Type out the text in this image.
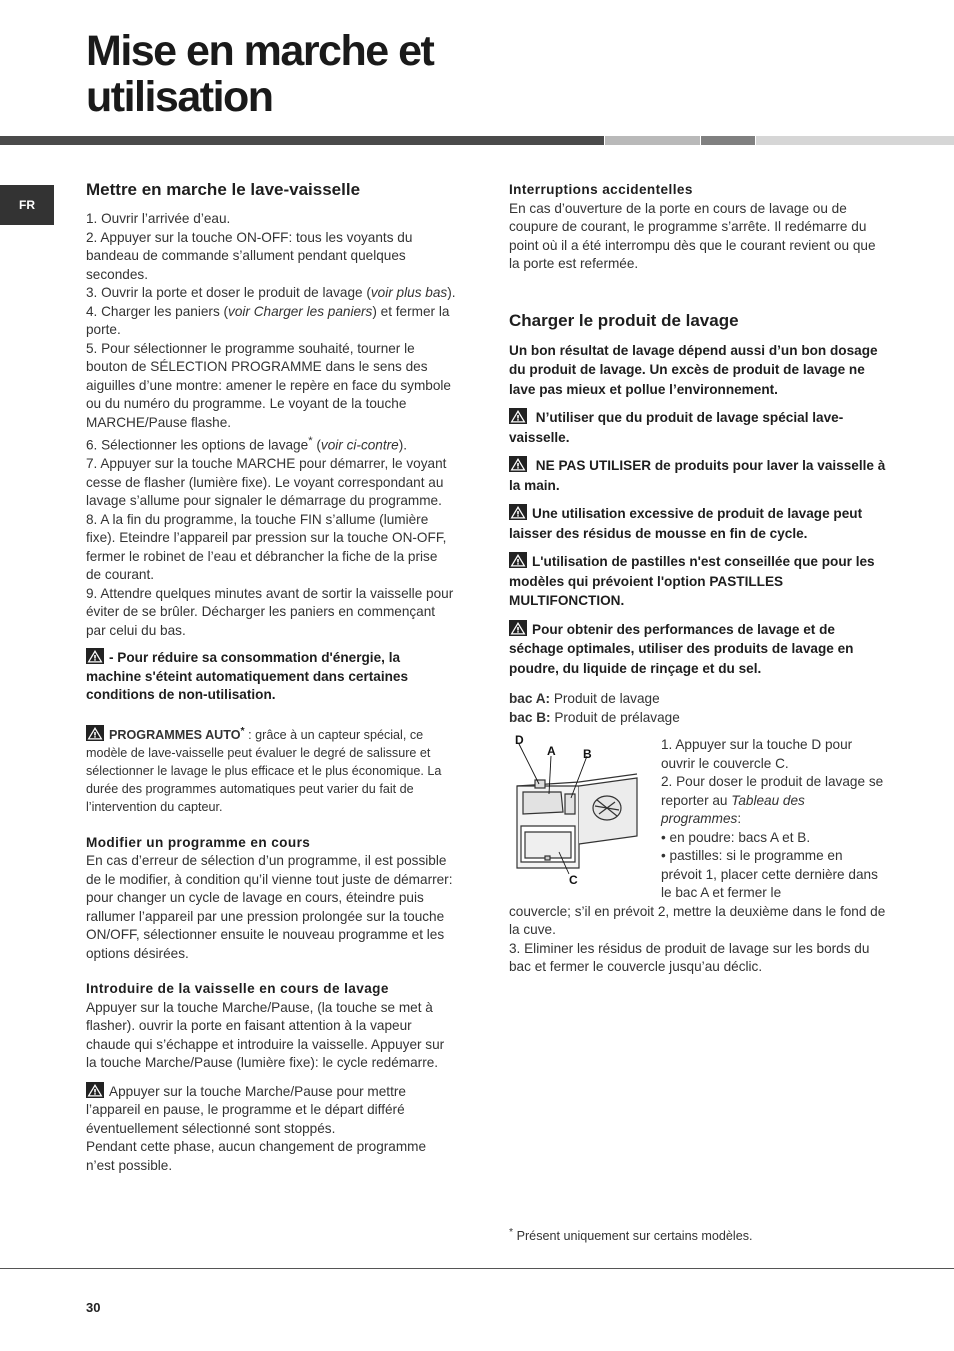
Mise en marche et
utilisation
FR

Mettre en marche le lave-vaisselle

1. Ouvrir l’arrivée d’eau.

2. Appuyer sur la touche ON-OFF: tous les voyants du bandeau de commande s’allument pendant quelques secondes.

3. Ouvrir la porte et doser le produit de lavage (voir plus bas).

4. Charger les paniers (voir Charger les paniers) et fermer la porte.

5. Pour sélectionner le programme souhaité, tourner le bouton de SÉLECTION PROGRAMME dans le sens des aiguilles d’une montre: amener le repère en face du symbole ou du numéro du programme. Le voyant de la touche MARCHE/Pause flashe.

6. Sélectionner les options de lavage* (voir ci-contre).

7. Appuyer sur la touche MARCHE pour démarrer, le voyant cesse de flasher (lumière fixe). Le voyant correspondant au lavage s’allume pour signaler le démarrage du programme.

8. A la fin du programme, la touche FIN s’allume (lumière fixe). Eteindre l’appareil par pression sur la touche ON-OFF, fermer le robinet de l’eau et débrancher la fiche de la prise de courant.

9. Attendre quelques minutes avant de sortir la vaisselle pour éviter de se brûler. Décharger les paniers en commençant par celui du bas.

- Pour réduire sa consommation d'énergie, la machine s'éteint automatiquement dans certaines conditions de non-utilisation.

PROGRAMMES AUTO* : grâce à un capteur spécial, ce modèle de lave-vaisselle peut évaluer le degré de salissure et sélectionner le lavage le plus efficace et le plus économique. La durée des programmes automatiques peut varier du fait de l’intervention du capteur.

Modifier un programme en cours

En cas d’erreur de sélection d’un programme, il est possible de le modifier, à condition qu’il vienne tout juste de démarrer: pour changer un cycle de lavage en cours, éteindre puis rallumer l’appareil par une pression prolongée sur la touche ON/OFF, sélectionner ensuite le nouveau programme et les options désirées.

Introduire de la vaisselle en cours de lavage

Appuyer sur la touche Marche/Pause, (la touche se met à flasher). ouvrir la porte en faisant attention à la vapeur chaude qui s’échappe et introduire la vaisselle. Appuyer sur la touche Marche/Pause (lumière fixe): le cycle redémarre.

Appuyer sur la touche Marche/Pause pour mettre l’appareil en pause, le programme et le départ différé éventuellement sélectionné sont stoppés.

Pendant cette phase, aucun changement de programme n’est possible.

Interruptions accidentelles

En cas d’ouverture de la porte en cours de lavage ou de coupure de courant, le programme s’arrête. Il redémarre du point où il a été interrompu dès que le courant revient ou que la porte est refermée.

Charger le produit de lavage

Un bon résultat de lavage dépend aussi d’un bon dosage du produit de lavage. Un excès de produit de lavage ne lave pas mieux et pollue l’environnement.

N’utiliser que du produit de lavage spécial lave-vaisselle.

NE PAS UTILISER de produits pour laver la vaisselle à la main.

Une utilisation excessive de produit de lavage peut laisser des résidus de mousse en fin de cycle.

L'utilisation de pastilles n'est conseillée que pour les modèles qui prévoient l'option PASTILLES MULTIFONCTION.

Pour obtenir des performances de lavage et de séchage optimales, utiliser des produits de lavage en poudre, du liquide de rinçage et du sel.

bac A: Produit de lavage

bac B: Produit de prélavage

D
A B
C

1. Appuyer sur la touche D pour ouvrir le couvercle C.

2. Pour doser le produit de lavage se reporter au Tableau des programmes:

• en poudre: bacs A et B.

• pastilles: si le programme en prévoit 1, placer cette dernière dans le bac A et fermer le

couvercle; s’il en prévoit 2, mettre la deuxième dans le fond de la cuve.

3. Eliminer les résidus de produit de lavage sur les bords du bac et fermer le couvercle jusqu’au déclic.

* Présent uniquement sur certains modèles.

30
